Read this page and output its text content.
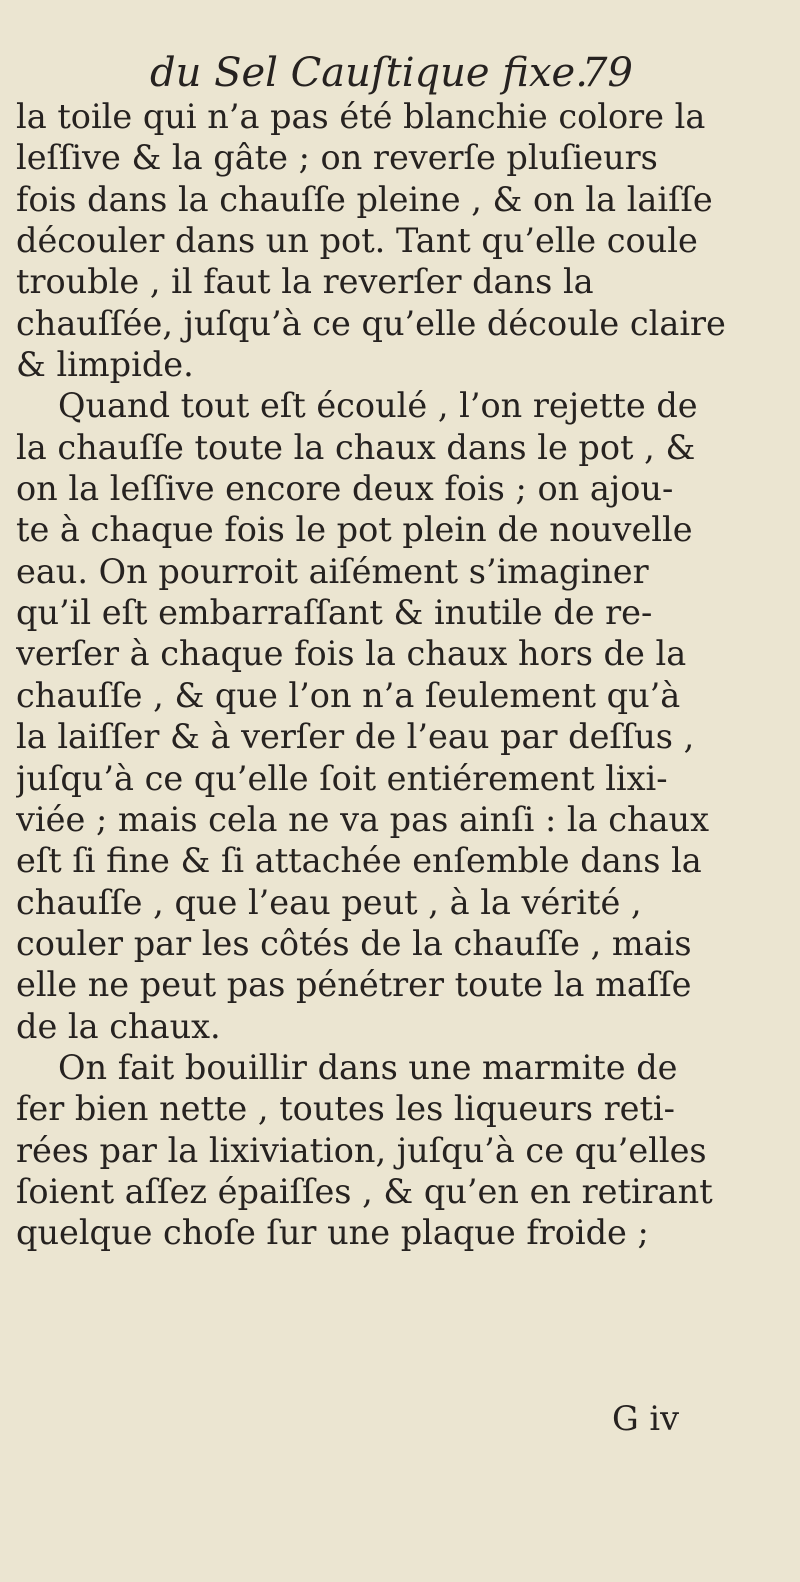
du Sel Cauſtique fixe.
79
la toile qui n’a pas été blanchie colore la
leſſive & la gâte ; on reverſe pluſieurs
fois dans la chauſſe pleine , & on la laiſſe
découler dans un pot. Tant qu’elle coule
trouble , il faut la reverſer dans la
chauſſée, juſqu’à ce qu’elle découle claire
& limpide.
Quand tout eſt écoulé , l’on rejette de
la chauſſe toute la chaux dans le pot , &
on la leſſive encore deux fois ; on ajou-
te à chaque fois le pot plein de nouvelle
eau. On pourroit aiſément s’imaginer
qu’il eſt embarraſſant & inutile de re-
verſer à chaque fois la chaux hors de la
chauſſe , & que l’on n’a ſeulement qu’à
la laiſſer & à verſer de l’eau par deſſus ,
juſqu’à ce qu’elle ſoit entiérement lixi-
viée ; mais cela ne va pas ainſi : la chaux
eſt ſi fine & ſi attachée enſemble dans la
chauſſe , que l’eau peut , à la vérité ,
couler par les côtés de la chauſſe , mais
elle ne peut pas pénétrer toute la maſſe
de la chaux.
On fait bouillir dans une marmite de
fer bien nette , toutes les liqueurs reti-
rées par la lixiviation, juſqu’à ce qu’elles
ſoient aſſez épaiſſes , & qu’en en retirant
quelque choſe ſur une plaque froide ;
G iv
